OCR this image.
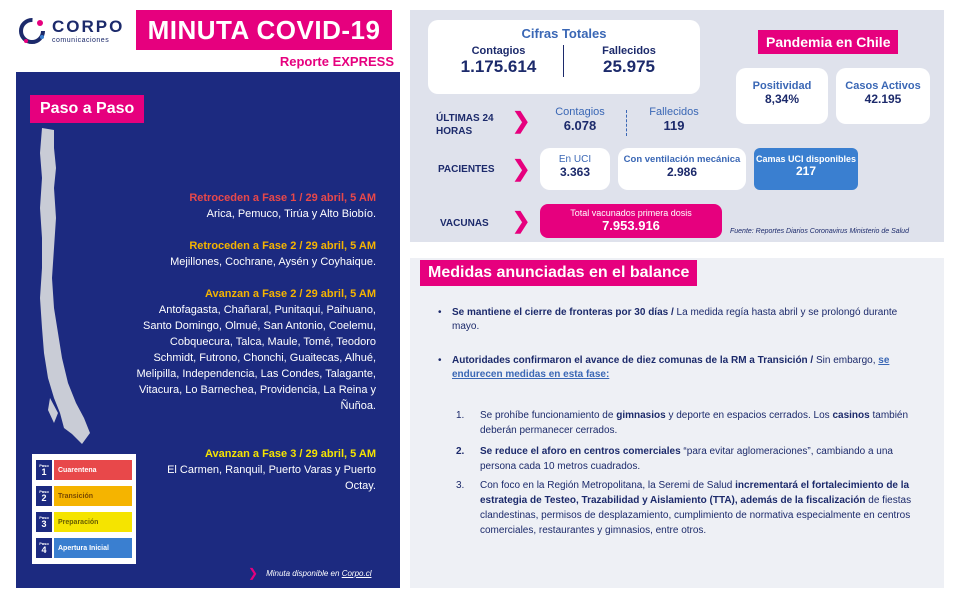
CORPO
comunicaciones	MINUTA COVID-19
Reporte EXPRESS
Paso a Paso
Retroceden a Fase 1 / 29 abril, 5 AM
Arica, Pemuco, Tirúa y Alto Biobío.
Retroceden a Fase 2 / 29 abril, 5 AM
Mejillones, Cochrane, Aysén y Coyhaique.
Avanzan a Fase 2 / 29 abril, 5 AM
Antofagasta, Chañaral, Punitaqui, Paihuano, Santo Domingo, Olmué, San Antonio, Coelemu, Cobquecura, Talca, Maule, Tomé, Teodoro Schmidt, Futrono, Chonchi, Guaitecas, Alhué, Melipilla, Independencia, Las Condes, Talagante, Vitacura, Lo Barnechea, Providencia, La Reina y Ñuñoa.
Avanzan a Fase 3 / 29 abril, 5 AM
El Carmen, Ranquil, Puerto Varas y Puerto Octay.
Paso
1	Cuarentena
Paso
2	Transición
Paso
3	Preparación
Paso
4	Apertura Inicial
❯ Minuta disponible en Corpo.cl
Cifras Totales
Contagios
1.175.614
Fallecidos
25.975
Pandemia en Chile
Positividad
8,34%
Casos Activos
42.195
ÚLTIMAS 24 HORAS	❯	Contagios
6.078
Fallecidos
119
PACIENTES ❯	En UCI
3.363
Con ventilación mecánica
2.986
Camas UCI disponibles
217
VACUNAS ❯	Total vacunados primera dosis
7.953.916	Fuente: Reportes Diarios Coronavirus Ministerio de Salud
Medidas anunciadas en el balance
• Se mantiene el cierre de fronteras por 30 días / La medida regía hasta abril y se prolongó durante mayo.
• Autoridades confirmaron el avance de diez comunas de la RM a Transición / Sin embargo, se endurecen medidas en esta fase:
1. Se prohíbe funcionamiento de gimnasios y deporte en espacios cerrados. Los casinos también deberán permanecer cerrados.
2. Se reduce el aforo en centros comerciales “para evitar aglomeraciones”, cambiando a una persona cada 10 metros cuadrados.
3. Con foco en la Región Metropolitana, la Seremi de Salud incrementará el fortalecimiento de la estrategia de Testeo, Trazabilidad y Aislamiento (TTA), además de la fiscalización de fiestas clandestinas, permisos de desplazamiento, cumplimiento de normativa especialmente en centros comerciales, restaurantes y gimnasios, entre otros.
